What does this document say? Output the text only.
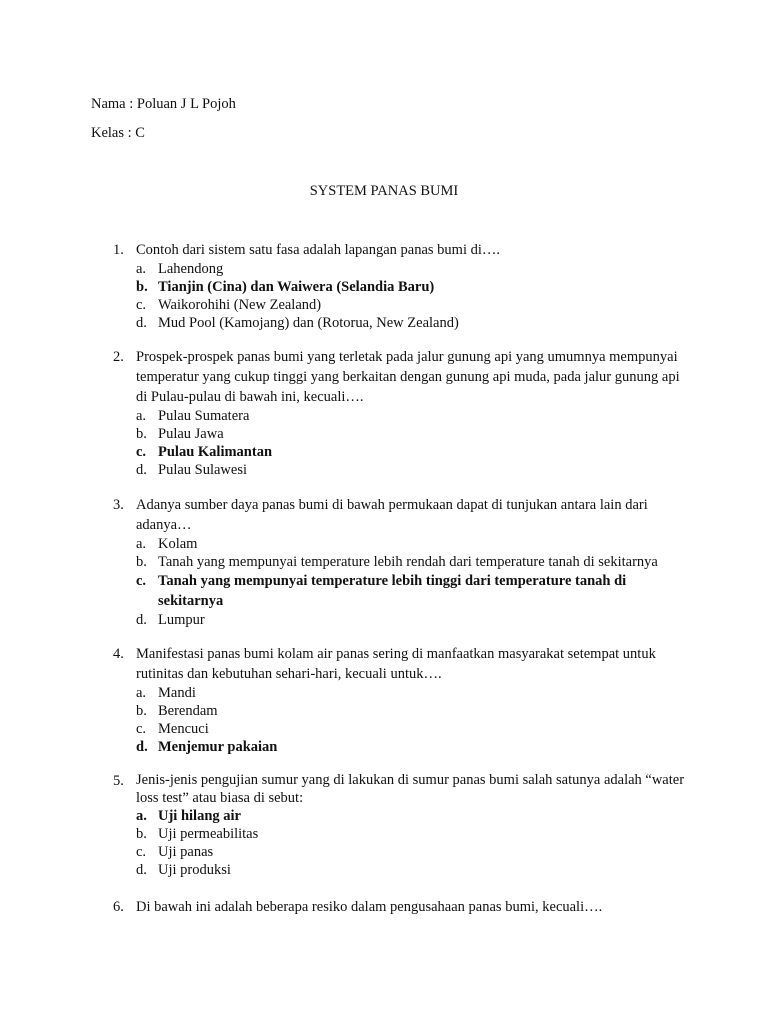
Nama : Poluan J L Pojoh
Kelas : C
SYSTEM PANAS BUMI
1. Contoh dari sistem satu fasa adalah lapangan panas bumi di….
a. Lahendong
b. Tianjin (Cina) dan Waiwera (Selandia Baru)
c. Waikorohihi (New Zealand)
d. Mud Pool (Kamojang) dan (Rotorua, New Zealand)
2. Prospek-prospek panas bumi yang terletak pada jalur gunung api yang umumnya mempunyai temperatur yang cukup tinggi yang berkaitan dengan gunung api muda, pada jalur gunung api di Pulau-pulau di bawah ini, kecuali….
a. Pulau Sumatera
b. Pulau Jawa
c. Pulau Kalimantan
d. Pulau Sulawesi
3. Adanya sumber daya panas bumi di bawah permukaan dapat di tunjukan antara lain dari adanya…
a. Kolam
b. Tanah yang mempunyai temperature lebih rendah dari temperature tanah di sekitarnya
c. Tanah yang mempunyai temperature lebih tinggi dari temperature tanah di sekitarnya
d. Lumpur
4. Manifestasi panas bumi kolam air panas sering di manfaatkan masyarakat setempat untuk rutinitas dan kebutuhan sehari-hari, kecuali untuk….
a. Mandi
b. Berendam
c. Mencuci
d. Menjemur pakaian
5. Jenis-jenis pengujian sumur yang di lakukan di sumur panas bumi salah satunya adalah “water loss test” atau biasa di sebut:
a. Uji hilang air
b. Uji permeabilitas
c. Uji panas
d. Uji produksi
6. Di bawah ini adalah beberapa resiko dalam pengusahaan panas bumi, kecuali….
